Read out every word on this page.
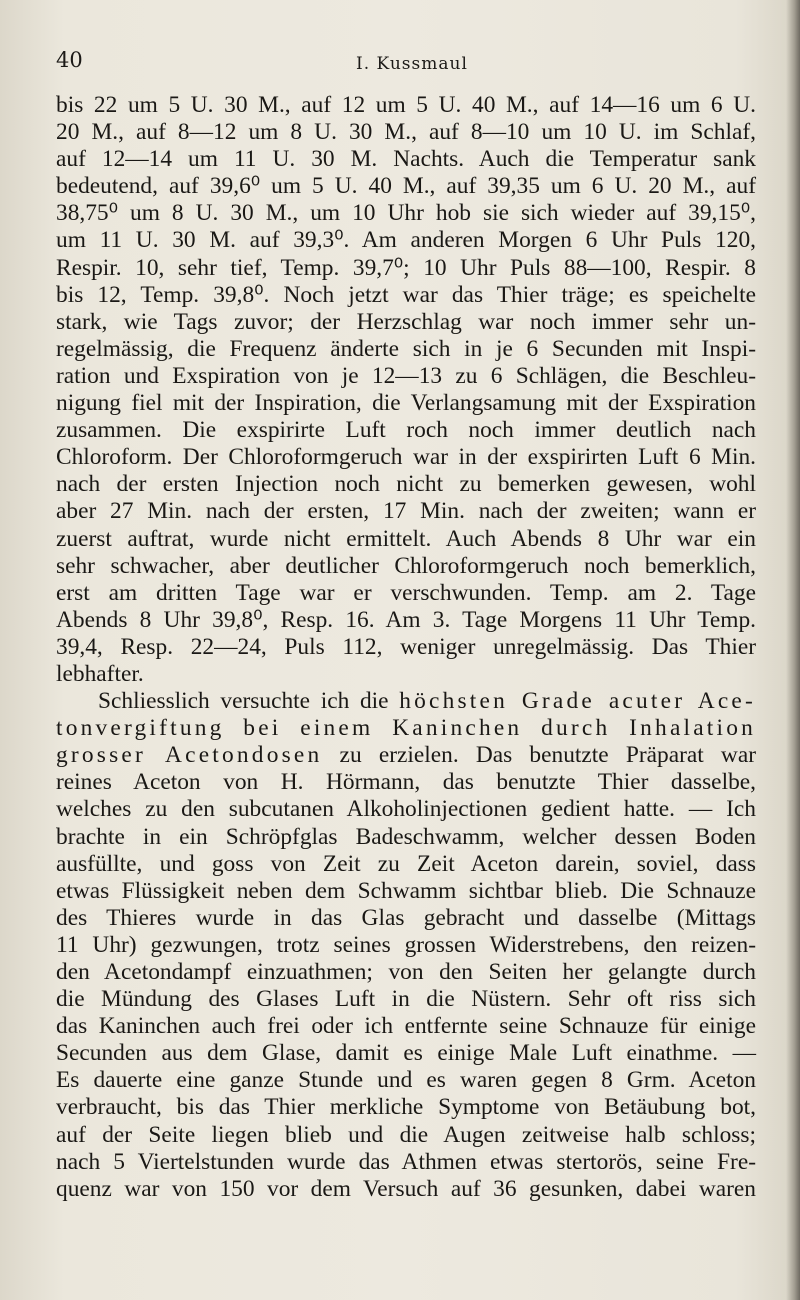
40	I. Kussmaul
bis 22 um 5 U. 30 M., auf 12 um 5 U. 40 M., auf 14—16 um 6 U.
20 M., auf 8—12 um 8 U. 30 M., auf 8—10 um 10 U. im Schlaf,
auf 12—14 um 11 U. 30 M. Nachts. Auch die Temperatur sank
bedeutend, auf 39,6⁰ um 5 U. 40 M., auf 39,35 um 6 U. 20 M., auf
38,75⁰ um 8 U. 30 M., um 10 Uhr hob sie sich wieder auf 39,15⁰,
um 11 U. 30 M. auf 39,3⁰. Am anderen Morgen 6 Uhr Puls 120,
Respir. 10, sehr tief, Temp. 39,7⁰; 10 Uhr Puls 88—100, Respir. 8
bis 12, Temp. 39,8⁰. Noch jetzt war das Thier träge; es speichelte
stark, wie Tags zuvor; der Herzschlag war noch immer sehr un-
regelmässig, die Frequenz änderte sich in je 6 Secunden mit Inspi-
ration und Exspiration von je 12—13 zu 6 Schlägen, die Beschleu-
nigung fiel mit der Inspiration, die Verlangsamung mit der Exspiration
zusammen. Die exspirirte Luft roch noch immer deutlich nach
Chloroform. Der Chloroformgeruch war in der exspirirten Luft 6 Min.
nach der ersten Injection noch nicht zu bemerken gewesen, wohl
aber 27 Min. nach der ersten, 17 Min. nach der zweiten; wann er
zuerst auftrat, wurde nicht ermittelt. Auch Abends 8 Uhr war ein
sehr schwacher, aber deutlicher Chloroformgeruch noch bemerklich,
erst am dritten Tage war er verschwunden. Temp. am 2. Tage
Abends 8 Uhr 39,8⁰, Resp. 16. Am 3. Tage Morgens 11 Uhr Temp.
39,4, Resp. 22—24, Puls 112, weniger unregelmässig. Das Thier
lebhafter.
Schliesslich versuchte ich die höchsten Grade acuter Ace-
tonvergiftung bei einem Kaninchen durch Inhalation
grosser Acetondosen zu erzielen. Das benutzte Präparat war
reines Aceton von H. Hörmann, das benutzte Thier dasselbe,
welches zu den subcutanen Alkoholinjectionen gedient hatte. — Ich
brachte in ein Schröpfglas Badeschwamm, welcher dessen Boden
ausfüllte, und goss von Zeit zu Zeit Aceton darein, soviel, dass
etwas Flüssigkeit neben dem Schwamm sichtbar blieb. Die Schnauze
des Thieres wurde in das Glas gebracht und dasselbe (Mittags
11 Uhr) gezwungen, trotz seines grossen Widerstrebens, den reizen-
den Acetondampf einzuathmen; von den Seiten her gelangte durch
die Mündung des Glases Luft in die Nüstern. Sehr oft riss sich
das Kaninchen auch frei oder ich entfernte seine Schnauze für einige
Secunden aus dem Glase, damit es einige Male Luft einathme. —
Es dauerte eine ganze Stunde und es waren gegen 8 Grm. Aceton
verbraucht, bis das Thier merkliche Symptome von Betäubung bot,
auf der Seite liegen blieb und die Augen zeitweise halb schloss;
nach 5 Viertelstunden wurde das Athmen etwas stertorös, seine Fre-
quenz war von 150 vor dem Versuch auf 36 gesunken, dabei waren
